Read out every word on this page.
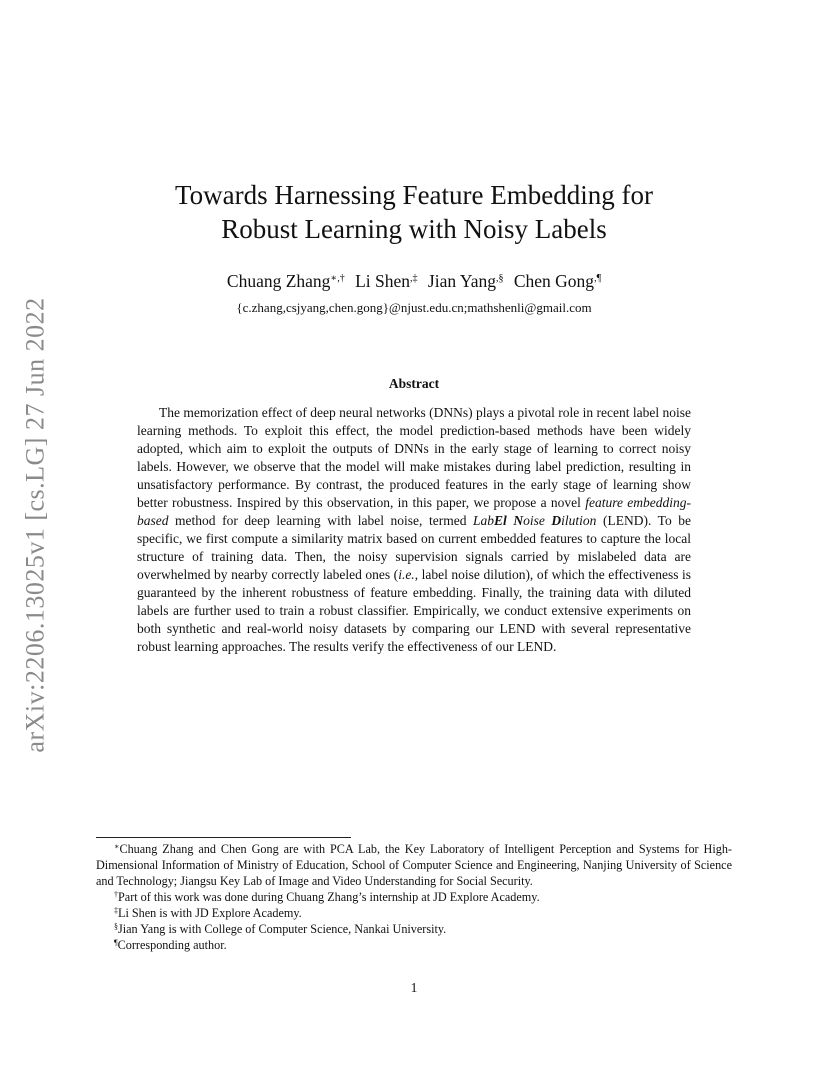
arXiv:2206.13025v1 [cs.LG] 27 Jun 2022
Towards Harnessing Feature Embedding for
Robust Learning with Noisy Labels
Chuang Zhang∗,† Li Shen,‡ Jian Yang,§ Chen Gong,¶
{c.zhang,csjyang,chen.gong}@njust.edu.cn;mathshenli@gmail.com
Abstract
The memorization effect of deep neural networks (DNNs) plays a pivotal role in recent label noise learning methods. To exploit this effect, the model prediction-based methods have been widely adopted, which aim to exploit the outputs of DNNs in the early stage of learning to correct noisy labels. However, we observe that the model will make mistakes during label prediction, resulting in unsatisfactory performance. By contrast, the produced features in the early stage of learning show better robustness. Inspired by this observation, in this paper, we propose a novel feature embedding-based method for deep learning with label noise, termed LabEl Noise Dilution (LEND). To be specific, we first compute a similarity matrix based on current embedded features to capture the local structure of training data. Then, the noisy supervision signals carried by mislabeled data are overwhelmed by nearby correctly labeled ones (i.e., label noise dilution), of which the effectiveness is guaranteed by the inherent robustness of feature embedding. Finally, the training data with diluted labels are further used to train a robust classifier. Empirically, we conduct extensive experiments on both synthetic and real-world noisy datasets by comparing our LEND with several representative robust learning approaches. The results verify the effectiveness of our LEND.

∗Chuang Zhang and Chen Gong are with PCA Lab, the Key Laboratory of Intelligent Perception and Systems for High-Dimensional Information of Ministry of Education, School of Computer Science and Engineering, Nanjing University of Science and Technology; Jiangsu Key Lab of Image and Video Understanding for Social Security.

†Part of this work was done during Chuang Zhang’s internship at JD Explore Academy.

‡Li Shen is with JD Explore Academy.

§Jian Yang is with College of Computer Science, Nankai University.

¶Corresponding author.

1
